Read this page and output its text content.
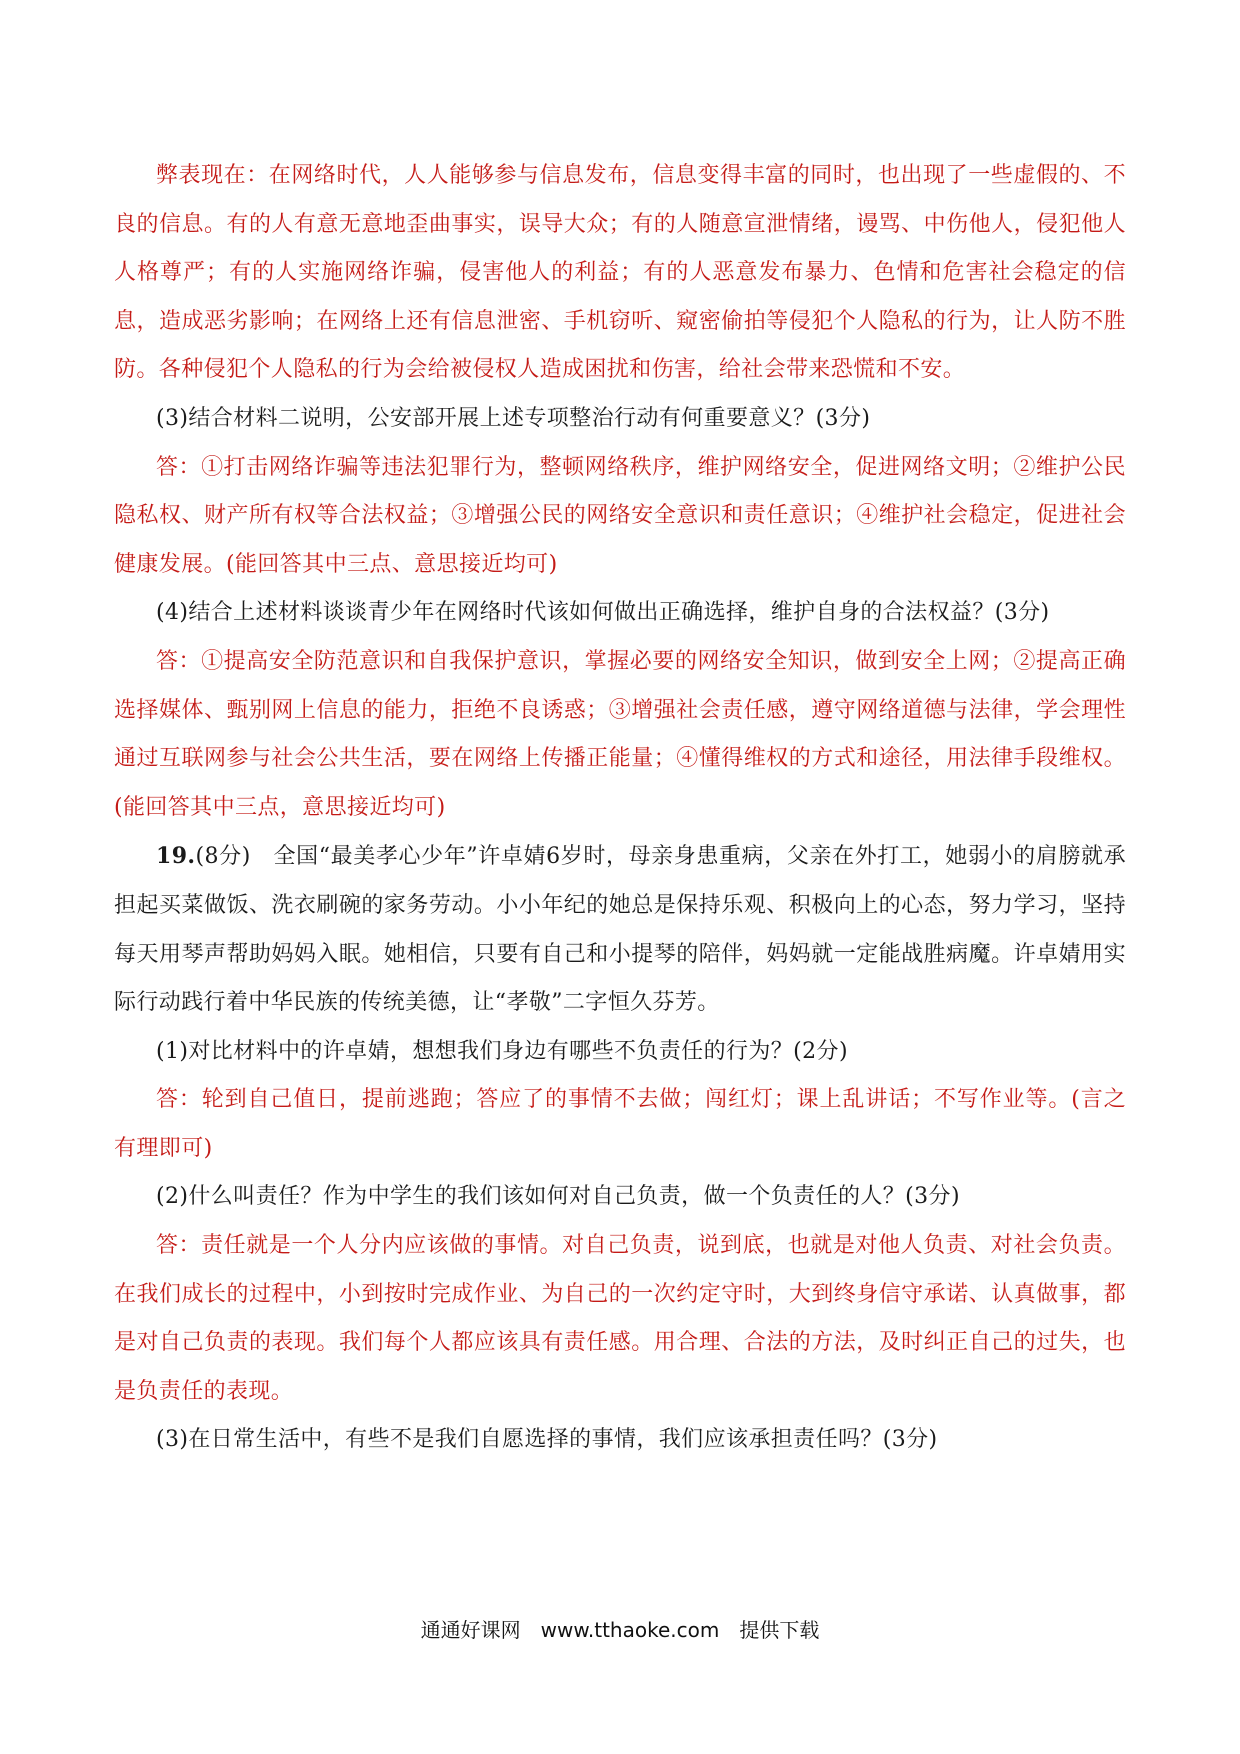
弊表现在：在网络时代，人人能够参与信息发布，信息变得丰富的同时，也出现了一些虚假的、不良的信息。有的人有意无意地歪曲事实，误导大众；有的人随意宣泄情绪，谩骂、中伤他人，侵犯他人人格尊严；有的人实施网络诈骗，侵害他人的利益；有的人恶意发布暴力、色情和危害社会稳定的信息，造成恶劣影响；在网络上还有信息泄密、手机窃听、窥密偷拍等侵犯个人隐私的行为，让人防不胜防。各种侵犯个人隐私的行为会给被侵权人造成困扰和伤害，给社会带来恐慌和不安。

(3)结合材料二说明，公安部开展上述专项整治行动有何重要意义？(3分)

答：①打击网络诈骗等违法犯罪行为，整顿网络秩序，维护网络安全，促进网络文明；②维护公民隐私权、财产所有权等合法权益；③增强公民的网络安全意识和责任意识；④维护社会稳定，促进社会健康发展。(能回答其中三点、意思接近均可)

(4)结合上述材料谈谈青少年在网络时代该如何做出正确选择，维护自身的合法权益？(3分)

答：①提高安全防范意识和自我保护意识，掌握必要的网络安全知识，做到安全上网；②提高正确选择媒体、甄别网上信息的能力，拒绝不良诱惑；③增强社会责任感，遵守网络道德与法律，学会理性通过互联网参与社会公共生活，要在网络上传播正能量；④懂得维权的方式和途径，用法律手段维权。(能回答其中三点，意思接近均可)

19.(8分)　全国“最美孝心少年”许卓婧6岁时，母亲身患重病，父亲在外打工，她弱小的肩膀就承担起买菜做饭、洗衣刷碗的家务劳动。小小年纪的她总是保持乐观、积极向上的心态，努力学习，坚持每天用琴声帮助妈妈入眠。她相信，只要有自己和小提琴的陪伴，妈妈就一定能战胜病魔。许卓婧用实际行动践行着中华民族的传统美德，让“孝敬”二字恒久芬芳。

(1)对比材料中的许卓婧，想想我们身边有哪些不负责任的行为？(2分)

答：轮到自己值日，提前逃跑；答应了的事情不去做；闯红灯；课上乱讲话；不写作业等。(言之有理即可)

(2)什么叫责任？作为中学生的我们该如何对自己负责，做一个负责任的人？(3分)

答：责任就是一个人分内应该做的事情。对自己负责，说到底，也就是对他人负责、对社会负责。在我们成长的过程中，小到按时完成作业、为自己的一次约定守时，大到终身信守承诺、认真做事，都是对自己负责的表现。我们每个人都应该具有责任感。用合理、合法的方法，及时纠正自己的过失，也是负责任的表现。

(3)在日常生活中，有些不是我们自愿选择的事情，我们应该承担责任吗？(3分)

通通好课网　www.tthaoke.com　提供下载
